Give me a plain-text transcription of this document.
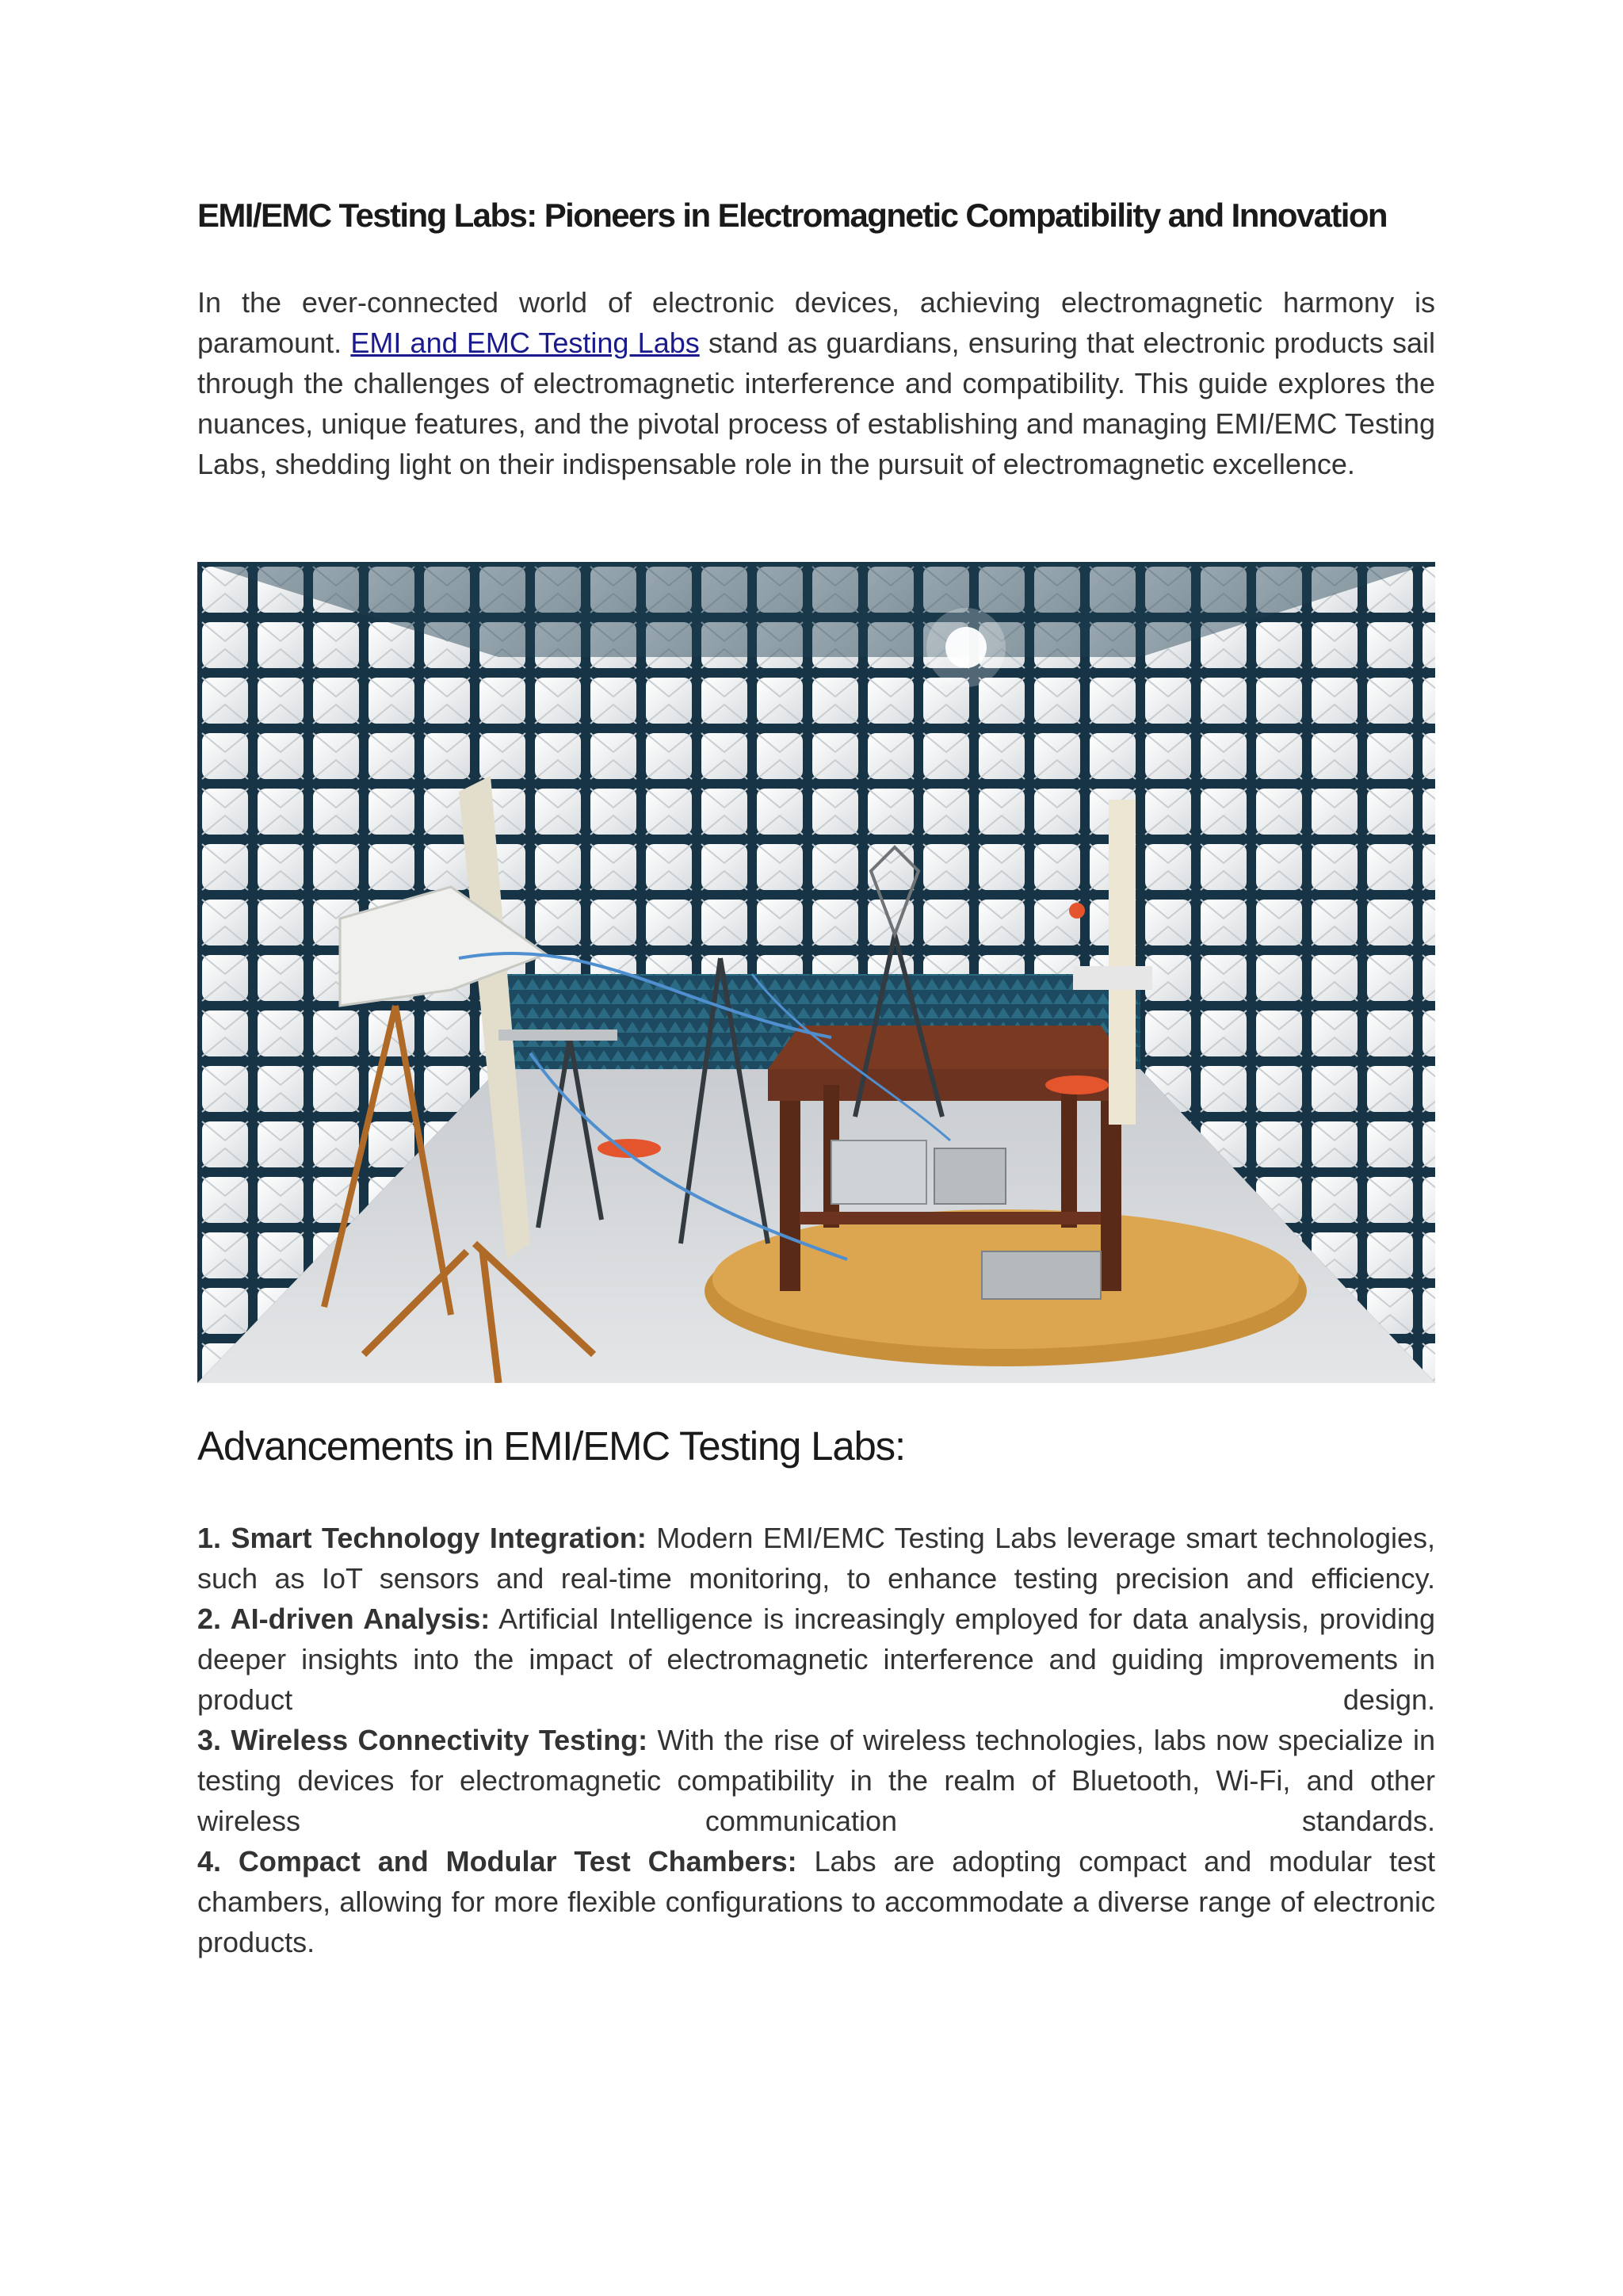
EMI/EMC Testing Labs: Pioneers in Electromagnetic Compatibility and Innovation

In the ever-connected world of electronic devices, achieving electromagnetic harmony is paramount. EMI and EMC Testing Labs stand as guardians, ensuring that electronic products sail through the challenges of electromagnetic interference and compatibility. This guide explores the nuances, unique features, and the pivotal process of establishing and managing EMI/EMC Testing Labs, shedding light on their indispensable role in the pursuit of electromagnetic excellence.

Advancements in EMI/EMC Testing Labs:
1. Smart Technology Integration: Modern EMI/EMC Testing Labs leverage smart technologies, such as IoT sensors and real-time monitoring, to enhance testing precision and efficiency.
2. AI-driven Analysis: Artificial Intelligence is increasingly employed for data analysis, providing deeper insights into the impact of electromagnetic interference and guiding improvements in product design.
3. Wireless Connectivity Testing: With the rise of wireless technologies, labs now specialize in testing devices for electromagnetic compatibility in the realm of Bluetooth, Wi-Fi, and other wireless communication standards.
4. Compact and Modular Test Chambers: Labs are adopting compact and modular test chambers, allowing for more flexible configurations to accommodate a diverse range of electronic products.
